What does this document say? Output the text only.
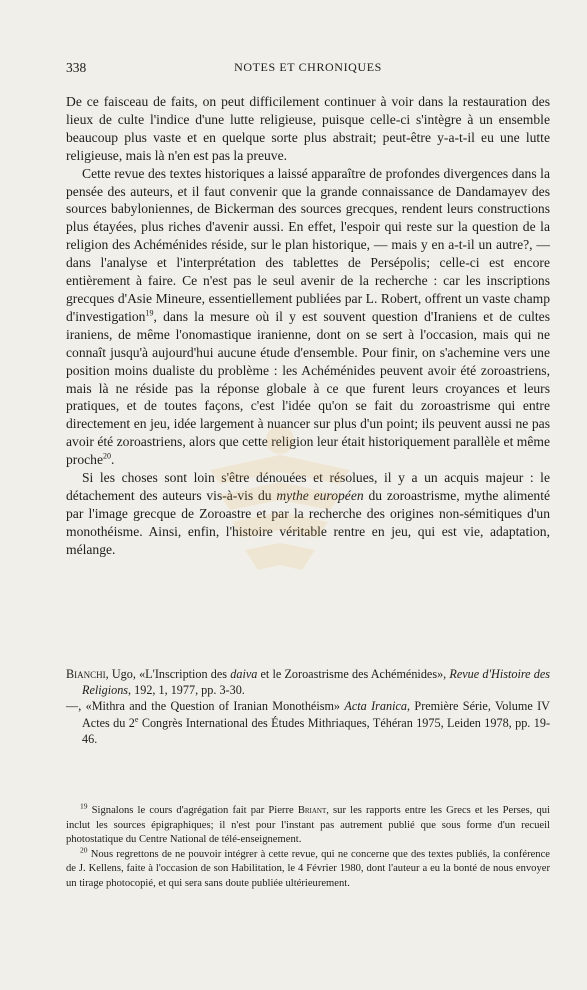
338	NOTES ET CHRONIQUES

De ce faisceau de faits, on peut difficilement continuer à voir dans la restauration des lieux de culte l'indice d'une lutte religieuse, puisque celle-ci s'intègre à un ensemble beaucoup plus vaste et en quelque sorte plus abstrait; peut-être y-a-t-il eu une lutte religieuse, mais là n'en est pas la preuve.

Cette revue des textes historiques a laissé apparaître de profondes divergences dans la pensée des auteurs, et il faut convenir que la grande connaissance de Dandamayev des sources babyloniennes, de Bickerman des sources grecques, rendent leurs constructions plus étayées, plus riches d'avenir aussi. En effet, l'espoir qui reste sur la question de la religion des Achéménides réside, sur le plan historique, — mais y en a-t-il un autre?, — dans l'analyse et l'interprétation des tablettes de Persépolis; celle-ci est encore entièrement à faire. Ce n'est pas le seul avenir de la recherche : car les inscriptions grecques d'Asie Mineure, essentiellement publiées par L. Robert, offrent un vaste champ d'investigation$^{19}$, dans la mesure où il y est souvent question d'Iraniens et de cultes iraniens, de même l'onomastique iranienne, dont on se sert à l'occasion, mais qui ne connaît jusqu'à aujourd'hui aucune étude d'ensemble. Pour finir, on s'achemine vers une position moins dualiste du problème : les Achéménides peuvent avoir été zoroastriens, mais là ne réside pas la réponse globale à ce que furent leurs croyances et leurs pratiques, et de toutes façons, c'est l'idée qu'on se fait du zoroastrisme qui entre directement en jeu, idée largement à nuancer sur plus d'un point; ils peuvent aussi ne pas avoir été zoroastriens, alors que cette religion leur était historiquement parallèle et même proche$^{20}$.

Si les choses sont loin s'être dénouées et résolues, il y a un acquis majeur : le détachement des auteurs vis-à-vis du mythe européen du zoroastrisme, mythe alimenté par l'image grecque de Zoroastre et par la recherche des origines non-sémitiques d'un monothéisme. Ainsi, enfin, l'histoire véritable rentre en jeu, qui est vie, adaptation, mélange.

Bianchi, Ugo, «L'Inscription des daiva et le Zoroastrisme des Achéménides», Revue d'Histoire des Religions, 192, 1, 1977, pp. 3-30.

—, «Mithra and the Question of Iranian Monothéism» Acta Iranica, Première Série, Volume IV Actes du 2e Congrès International des Études Mithriaques, Téhéran 1975, Leiden 1978, pp. 19-46.

$^{19}$ Signalons le cours d'agrégation fait par Pierre Briant, sur les rapports entre les Grecs et les Perses, qui inclut les sources épigraphiques; il n'est pour l'instant pas autrement publié que sous forme d'un recueil photostatique du Centre National de télé-enseignement.

$^{20}$ Nous regrettons de ne pouvoir intégrer à cette revue, qui ne concerne que des textes publiés, la conférence de J. Kellens, faite à l'occasion de son Habilitation, le 4 Février 1980, dont l'auteur a eu la bonté de nous envoyer un tirage photocopié, et qui sera sans doute publiée ultérieurement.
